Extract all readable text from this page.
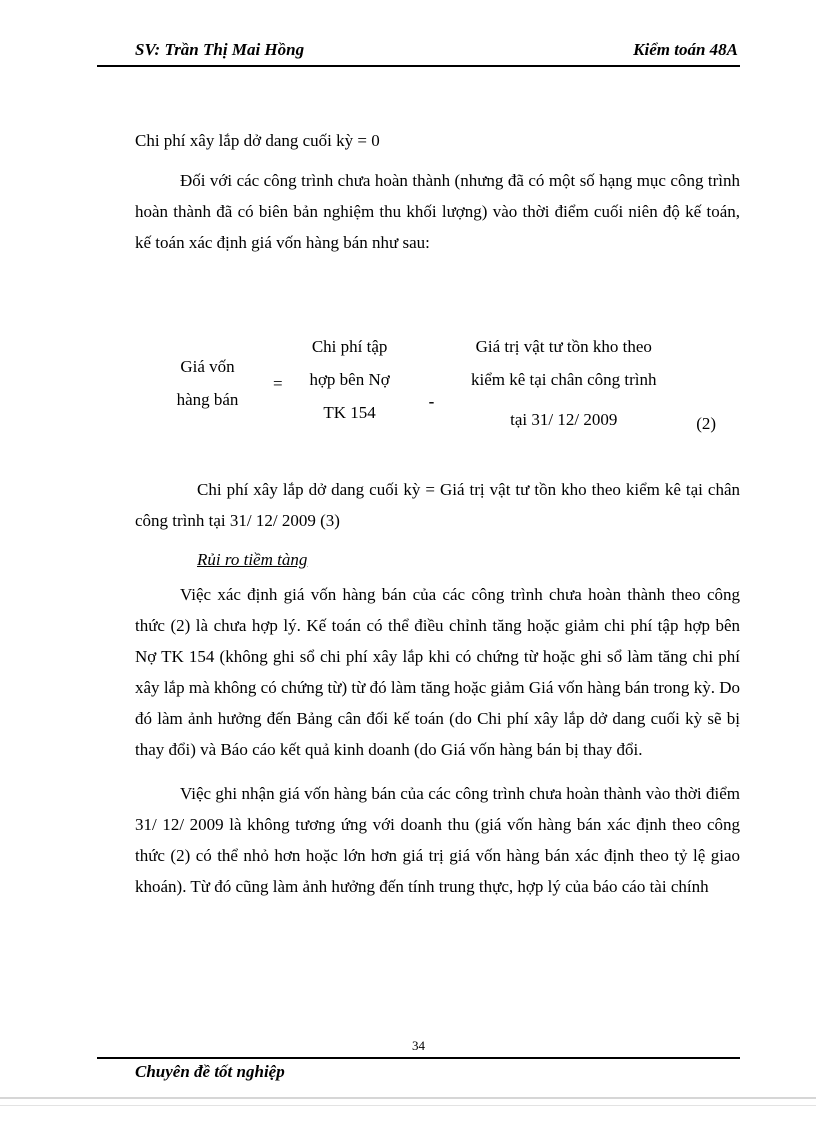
SV: Trần Thị Mai Hồng	Kiểm toán 48A

Chi phí xây lắp dở dang cuối kỳ = 0

Đối với các công trình chưa hoàn thành (nhưng đã có một số hạng mục công trình hoàn thành đã có biên bản nghiệm thu khối lượng) vào thời điểm cuối niên độ kế toán, kế toán xác định giá vốn hàng bán như sau:

Giá vốn
hàng bán
=
Chi phí tập
hợp bên Nợ
TK 154
-
Giá trị vật tư tồn kho theo
kiểm kê tại chân công trình
tại 31/ 12/ 2009	(2)

Chi phí xây lắp dở dang cuối kỳ = Giá trị vật tư tồn kho theo kiểm kê tại chân công trình tại 31/ 12/ 2009 (3)

Rủi ro tiềm tàng

Việc xác định giá vốn hàng bán của các công trình chưa hoàn thành theo công thức (2) là chưa hợp lý. Kế toán có thể điều chỉnh tăng hoặc giảm chi phí tập hợp bên Nợ TK 154 (không ghi sổ chi phí xây lắp khi có chứng từ hoặc ghi sổ làm tăng chi phí xây lắp mà không có chứng từ) từ đó làm tăng hoặc giảm Giá vốn hàng bán trong kỳ. Do đó làm ảnh hưởng đến Bảng cân đối kế toán (do Chi phí xây lắp dở dang cuối kỳ sẽ bị thay đổi) và Báo cáo kết quả kinh doanh (do Giá vốn hàng bán bị thay đổi.

Việc ghi nhận giá vốn hàng bán của các công trình chưa hoàn thành vào thời điểm 31/ 12/ 2009 là không tương ứng với doanh thu (giá vốn hàng bán xác định theo công thức (2) có thể nhỏ hơn hoặc lớn hơn giá trị giá vốn hàng bán xác định theo tỷ lệ giao khoán). Từ đó cũng làm ảnh hưởng đến tính trung thực, hợp lý của báo cáo tài chính

34
Chuyên đề tốt nghiệp
